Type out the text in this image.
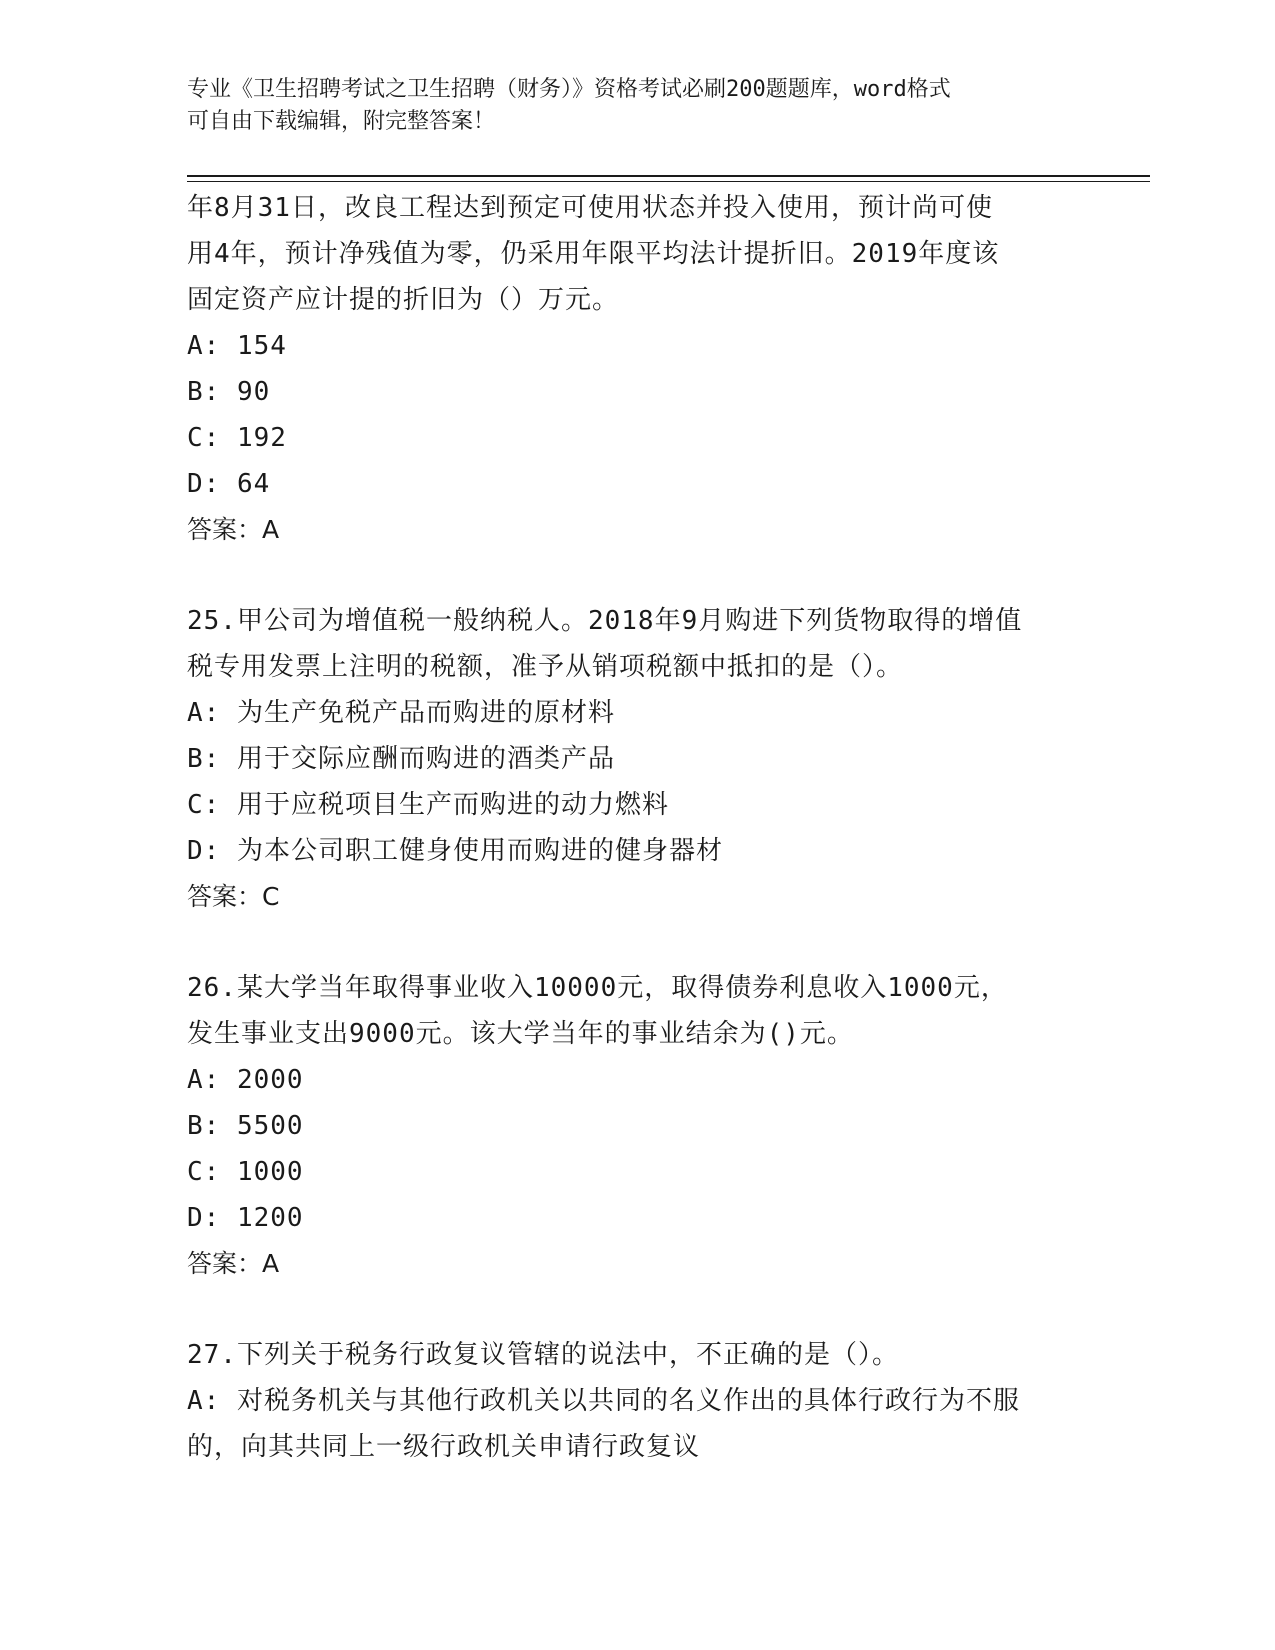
专业《卫生招聘考试之卫生招聘（财务）》资格考试必刷200题题库，word格式
可自由下载编辑，附完整答案！
年8月31日，改良工程达到预定可使用状态并投入使用，预计尚可使
用4年，预计净残值为零，仍采用年限平均法计提折旧。2019年度该
固定资产应计提的折旧为（）万元。
A: 154
B: 90
C: 192
D: 64
答案：A
25.甲公司为增值税一般纳税人。2018年9月购进下列货物取得的增值
税专用发票上注明的税额，准予从销项税额中抵扣的是（）。
A: 为生产免税产品而购进的原材料
B: 用于交际应酬而购进的酒类产品
C: 用于应税项目生产而购进的动力燃料
D: 为本公司职工健身使用而购进的健身器材
答案：C
26.某大学当年取得事业收入10000元，取得债券利息收入1000元，
发生事业支出9000元。该大学当年的事业结余为()元。
A: 2000
B: 5500
C: 1000
D: 1200
答案：A
27.下列关于税务行政复议管辖的说法中，不正确的是（）。
A: 对税务机关与其他行政机关以共同的名义作出的具体行政行为不服
的，向其共同上一级行政机关申请行政复议
